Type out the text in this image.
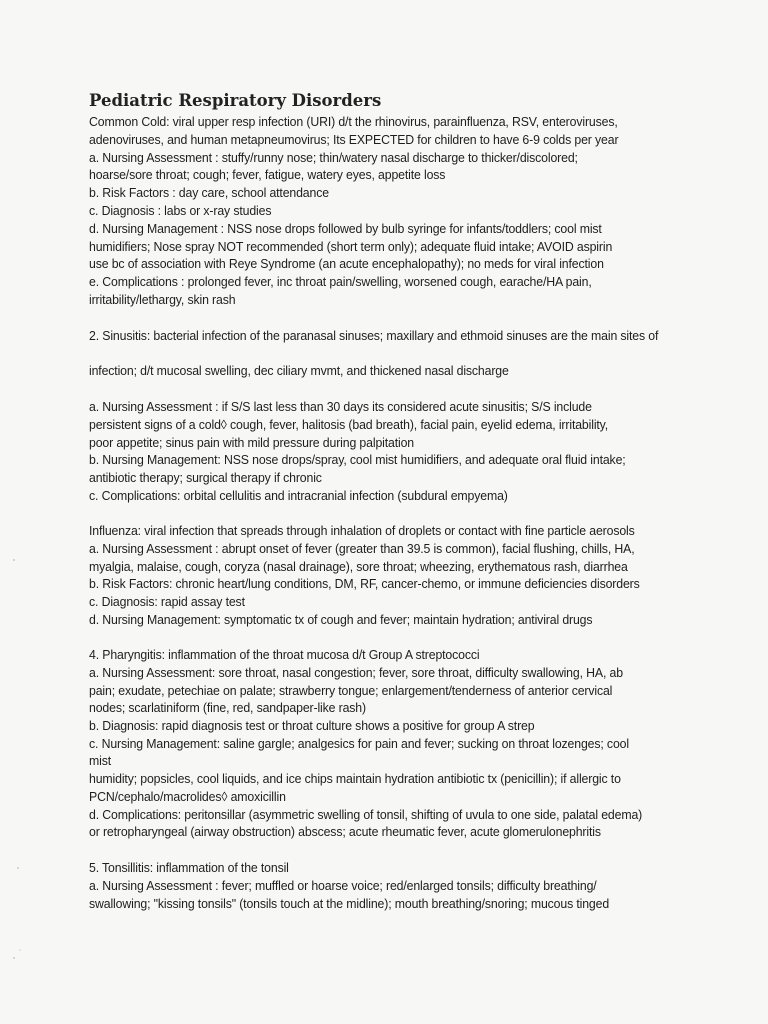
Pediatric Respiratory Disorders
Common Cold: viral upper resp infection (URI) d/t the rhinovirus, parainfluenza, RSV, enteroviruses,
adenoviruses, and human metapneumovirus; Its EXPECTED for children to have 6-9 colds per year
a. Nursing Assessment : stuffy/runny nose; thin/watery nasal discharge to thicker/discolored;
hoarse/sore throat; cough; fever, fatigue, watery eyes, appetite loss
b. Risk Factors : day care, school attendance
c. Diagnosis : labs or x-ray studies
d. Nursing Management : NSS nose drops followed by bulb syringe for infants/toddlers; cool mist
humidifiers; Nose spray NOT recommended (short term only); adequate fluid intake; AVOID aspirin
use bc of association with Reye Syndrome (an acute encephalopathy); no meds for viral infection
e. Complications : prolonged fever, inc throat pain/swelling, worsened cough, earache/HA pain,
irritability/lethargy, skin rash
2. Sinusitis: bacterial infection of the paranasal sinuses; maxillary and ethmoid sinuses are the main sites of
infection; d/t mucosal swelling, dec ciliary mvmt, and thickened nasal discharge
a. Nursing Assessment : if S/S last less than 30 days its considered acute sinusitis; S/S include
persistent signs of a cold◊ cough, fever, halitosis (bad breath), facial pain, eyelid edema, irritability,
poor appetite; sinus pain with mild pressure during palpitation
b. Nursing Management: NSS nose drops/spray, cool mist humidifiers, and adequate oral fluid intake;
antibiotic therapy; surgical therapy if chronic
c. Complications: orbital cellulitis and intracranial infection (subdural empyema)
Influenza: viral infection that spreads through inhalation of droplets or contact with fine particle aerosols
a. Nursing Assessment : abrupt onset of fever (greater than 39.5 is common), facial flushing, chills, HA,
myalgia, malaise, cough, coryza (nasal drainage), sore throat; wheezing, erythematous rash, diarrhea
b. Risk Factors: chronic heart/lung conditions, DM, RF, cancer-chemo, or immune deficiencies disorders
c. Diagnosis: rapid assay test
d. Nursing Management: symptomatic tx of cough and fever; maintain hydration; antiviral drugs
4. Pharyngitis: inflammation of the throat mucosa d/t Group A streptococci
a. Nursing Assessment: sore throat, nasal congestion; fever, sore throat, difficulty swallowing, HA, ab
pain; exudate, petechiae on palate; strawberry tongue; enlargement/tenderness of anterior cervical
nodes; scarlatiniform (fine, red, sandpaper-like rash)
b. Diagnosis: rapid diagnosis test or throat culture shows a positive for group A strep
c. Nursing Management: saline gargle; analgesics for pain and fever; sucking on throat lozenges; cool
mist
humidity; popsicles, cool liquids, and ice chips maintain hydration antibiotic tx (penicillin); if allergic to
PCN/cephalo/macrolides◊ amoxicillin
d. Complications: peritonsillar (asymmetric swelling of tonsil, shifting of uvula to one side, palatal edema)
or retropharyngeal (airway obstruction) abscess; acute rheumatic fever, acute glomerulonephritis
5. Tonsillitis: inflammation of the tonsil
a. Nursing Assessment : fever; muffled or hoarse voice; red/enlarged tonsils; difficulty breathing/
swallowing; "kissing tonsils" (tonsils touch at the midline); mouth breathing/snoring; mucous tinged
